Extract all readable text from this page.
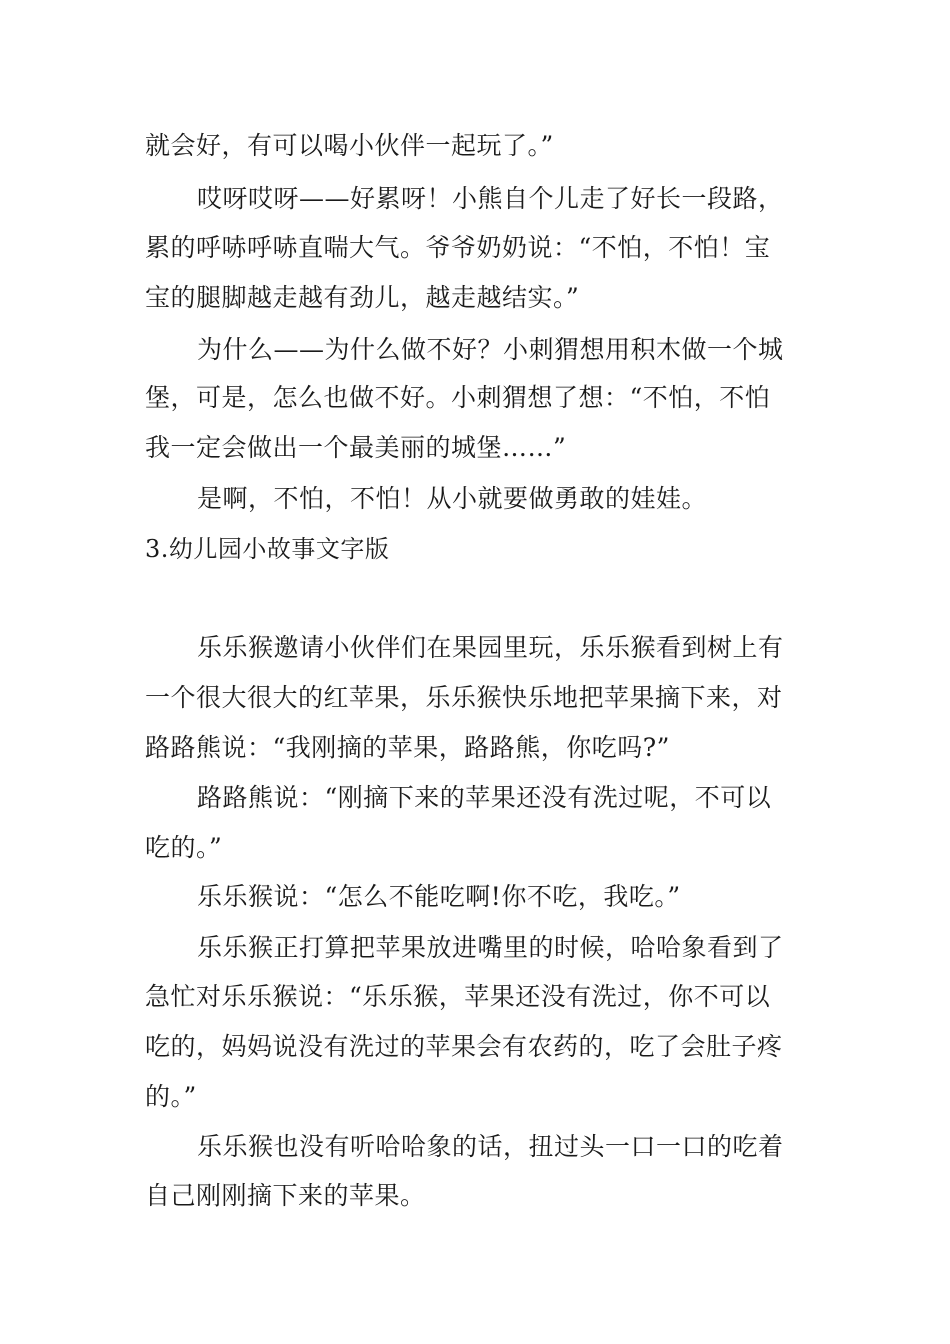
就会好，有可以喝小伙伴一起玩了。”
哎呀哎呀——好累呀！小熊自个儿走了好长一段路，
累的呼哧呼哧直喘大气。爷爷奶奶说：“不怕，不怕！宝
宝的腿脚越走越有劲儿，越走越结实。”
为什么——为什么做不好？小刺猬想用积木做一个城
堡，可是，怎么也做不好。小刺猬想了想：“不怕，不怕
我一定会做出一个最美丽的城堡……”
是啊，不怕，不怕！从小就要做勇敢的娃娃。
3.幼儿园小故事文字版
乐乐猴邀请小伙伴们在果园里玩，乐乐猴看到树上有
一个很大很大的红苹果，乐乐猴快乐地把苹果摘下来，对
路路熊说：“我刚摘的苹果，路路熊，你吃吗?”
路路熊说：“刚摘下来的苹果还没有洗过呢，不可以
吃的。”
乐乐猴说：“怎么不能吃啊!你不吃，我吃。”
乐乐猴正打算把苹果放进嘴里的时候，哈哈象看到了
急忙对乐乐猴说：“乐乐猴，苹果还没有洗过，你不可以
吃的，妈妈说没有洗过的苹果会有农药的，吃了会肚子疼
的。”
乐乐猴也没有听哈哈象的话，扭过头一口一口的吃着
自己刚刚摘下来的苹果。
